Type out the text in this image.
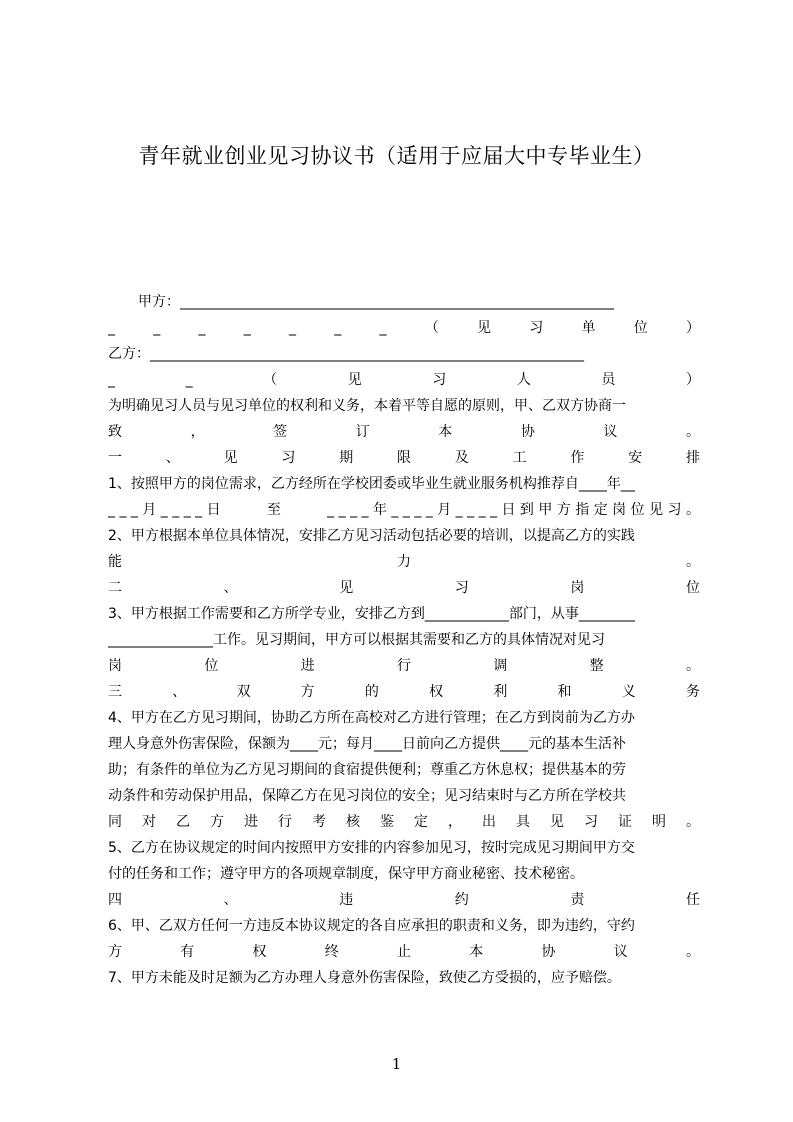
青年就业创业见习协议书（适用于应届大中专毕业生）
甲方：______________________________________________________________
_	_	_	_	_	_	_	（	见	习	单	位	）
乙方：______________________________________________________________
_	_	（	见	习	人	员	）
为明确见习人员与见习单位的权利和义务，本着平等自愿的原则，甲、乙双方协商一
致	，	签	订	本	协	议	。
一	、	见	习	期	限	及	工	作	安	排
1、按照甲方的岗位需求，乙方经所在学校团委或毕业生就业服务机构推荐自____年__
_ _ _ 月 _ _ _ _ 日	至	_ _ _ _ 年 _ _ _ _ 月 _ _ _ _ 日 到 甲 方 指 定 岗 位 见 习 。
2、甲方根据本单位具体情况，安排乙方见习活动包括必要的培训，以提高乙方的实践
能	力	。
二	、	见	习	岗	位
3、甲方根据工作需要和乙方所学专业，安排乙方到____________部门，从事________
_______________工作。见习期间，甲方可以根据其需要和乙方的具体情况对见习
岗	位	进	行	调	整	。
三	、	双	方	的	权	利	和	义	务
4、甲方在乙方见习期间，协助乙方所在高校对乙方进行管理；在乙方到岗前为乙方办
理人身意外伤害保险，保额为____元；每月____日前向乙方提供____元的基本生活补
助；有条件的单位为乙方见习期间的食宿提供便利；尊重乙方休息权；提供基本的劳
动条件和劳动保护用品，保障乙方在见习岗位的安全；见习结束时与乙方所在学校共
同 对 乙 方 进 行 考 核 鉴 定 ， 出 具 见 习 证 明 。
5、乙方在协议规定的时间内按照甲方安排的内容参加见习，按时完成见习期间甲方交
付的任务和工作；遵守甲方的各项规章制度，保守甲方商业秘密、技术秘密。
四	、	违	约	责	任
6、甲、乙双方任何一方违反本协议规定的各自应承担的职责和义务，即为违约，守约
方	有	权	终	止	本	协	议	。
7、甲方未能及时足额为乙方办理人身意外伤害保险，致使乙方受损的，应予赔偿。
1
